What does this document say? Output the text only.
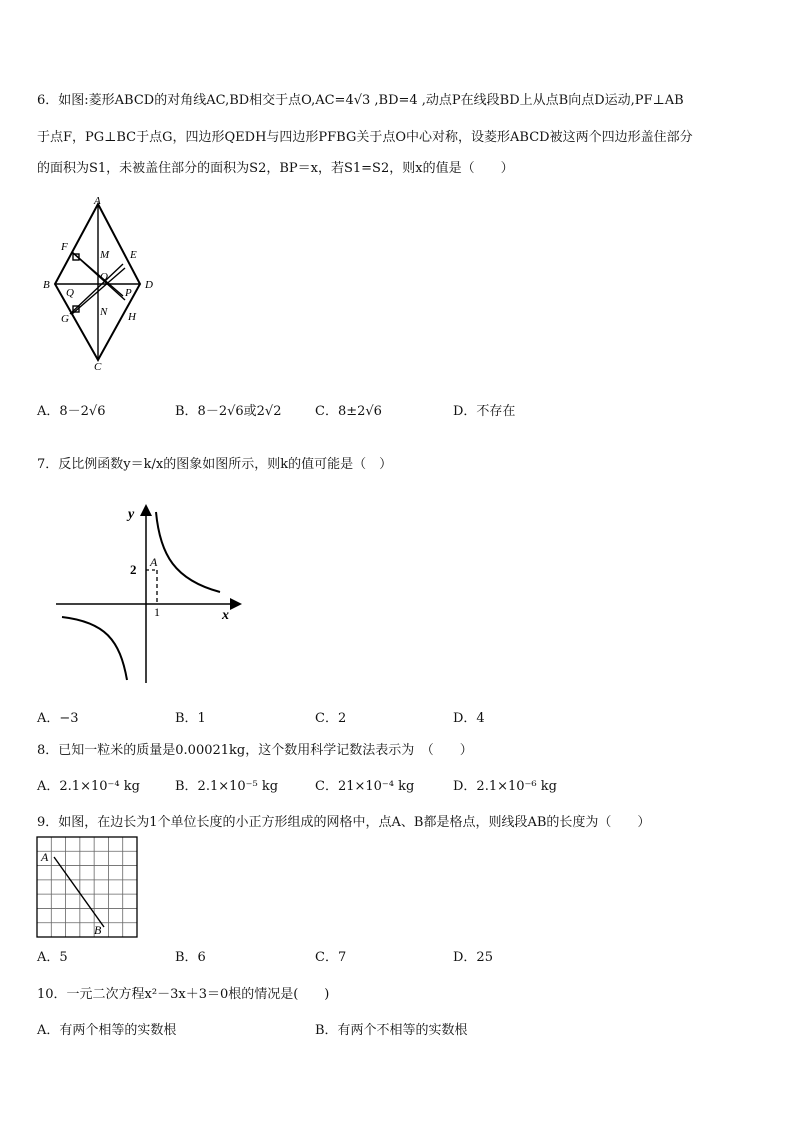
6．如图:菱形ABCD的对角线AC,BD相交于点O,AC=4√3 ,BD=4 ,动点P在线段BD上从点B向点D运动,PF⊥AB
于点F，PG⊥BC于点G，四边形QEDH与四边形PFBG关于点O中心对称，设菱形ABCD被这两个四边形盖住部分
的面积为S1，未被盖住部分的面积为S2，BP＝x，若S1=S2，则x的值是（　　）
A
F
M E
B
O
D
Q	P
G
N H
C
A．8－2√6	B．8－2√6或2√2	C．8±2√6	D．不存在
7．反比例函数y＝k/x的图象如图所示，则k的值可能是（　）
y
x
2
1
A
A．−3	B．1	C．2	D．4
8．已知一粒米的质量是0.00021kg，这个数用科学记数法表示为　（　　）
A．2.1×10⁻⁴ kg	B．2.1×10⁻⁵ kg	C．21×10⁻⁴ kg	D．2.1×10⁻⁶ kg
9．如图，在边长为1个单位长度的小正方形组成的网格中，点A、B都是格点，则线段AB的长度为（　　）
A
B
A．5	B．6	C．7	D．25
10．一元二次方程x²－3x＋3＝0根的情况是(　　)
A．有两个相等的实数根	B．有两个不相等的实数根
